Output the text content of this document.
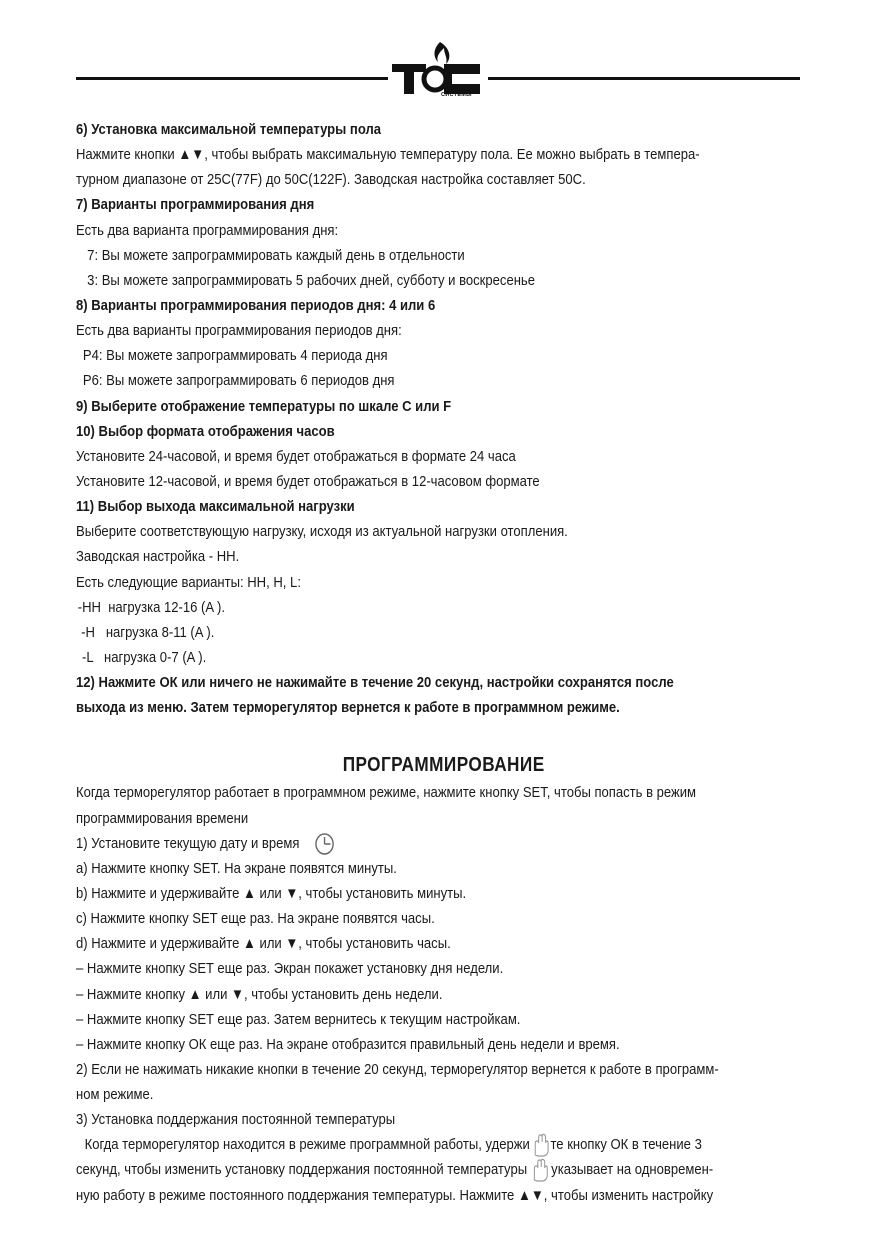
ТЕПЛОВЫЕ
СИСТЕМЫ
6) Установка максимальной температуры пола
Нажмите кнопки ▲▼, чтобы выбрать максимальную температуру пола. Ее можно выбрать в темпера-
турном диапазоне от 25С(77F) до 50С(122F). Заводская настройка составляет 50С.
7) Варианты программирования дня
Есть два варианта программирования дня:
7: Вы можете запрограммировать каждый день в отдельности
3: Вы можете запрограммировать 5 рабочих дней, субботу и воскресенье
8) Варианты программирования периодов дня: 4 или 6
Есть два варианты программирования периодов дня:
P4: Вы можете запрограммировать 4 периода дня
P6: Вы можете запрограммировать 6 периодов дня
9) Выберите отображение температуры по шкале С или F
10) Выбор формата отображения часов
Установите 24-часовой, и время будет отображаться в формате 24 часа
Установите 12-часовой, и время будет отображаться в 12-часовом формате
11) Выбор выхода максимальной нагрузки
Выберите соответствующую нагрузку, исходя из актуальной нагрузки отопления.
Заводская настройка - HH.
Есть следующие варианты: HH, H, L:
-HH  нагрузка 12-16 (A ).
-H   нагрузка 8-11 (A ).
-L   нагрузка 0-7 (A ).
12) Нажмите ОК или ничего не нажимайте в течение 20 секунд, настройки сохранятся после
выхода из меню. Затем терморегулятор вернется к работе в программном режиме.
ПРОГРАММИРОВАНИЕ
Когда терморегулятор работает в программном режиме, нажмите кнопку SET, чтобы попасть в режим
программирования времени
1) Установите текущую дату и время
a) Нажмите кнопку SET. На экране появятся минуты.
b) Нажмите и удерживайте ▲ или ▼, чтобы установить минуты.
c) Нажмите кнопку SET еще раз. На экране появятся часы.
d) Нажмите и удерживайте ▲ или ▼, чтобы установить часы.
– Нажмите кнопку SET еще раз. Экран покажет установку дня недели.
– Нажмите кнопку ▲ или ▼, чтобы установить день недели.
– Нажмите кнопку SET еще раз. Затем вернитесь к текущим настройкам.
– Нажмите кнопку ОК еще раз. На экране отобразится правильный день недели и время.
2) Если не нажимать никакие кнопки в течение 20 секунд, терморегулятор вернется к работе в программ-
ном режиме.
3) Установка поддержания постоянной температуры
Когда терморегулятор находится в режиме программной работы, удержи те кнопку ОК в течение 3
секунд, чтобы изменить установку поддержания постоянной температуры указывает на одновремен-
ную работу в режиме постоянного поддержания температуры. Нажмите ▲▼, чтобы изменить настройку
